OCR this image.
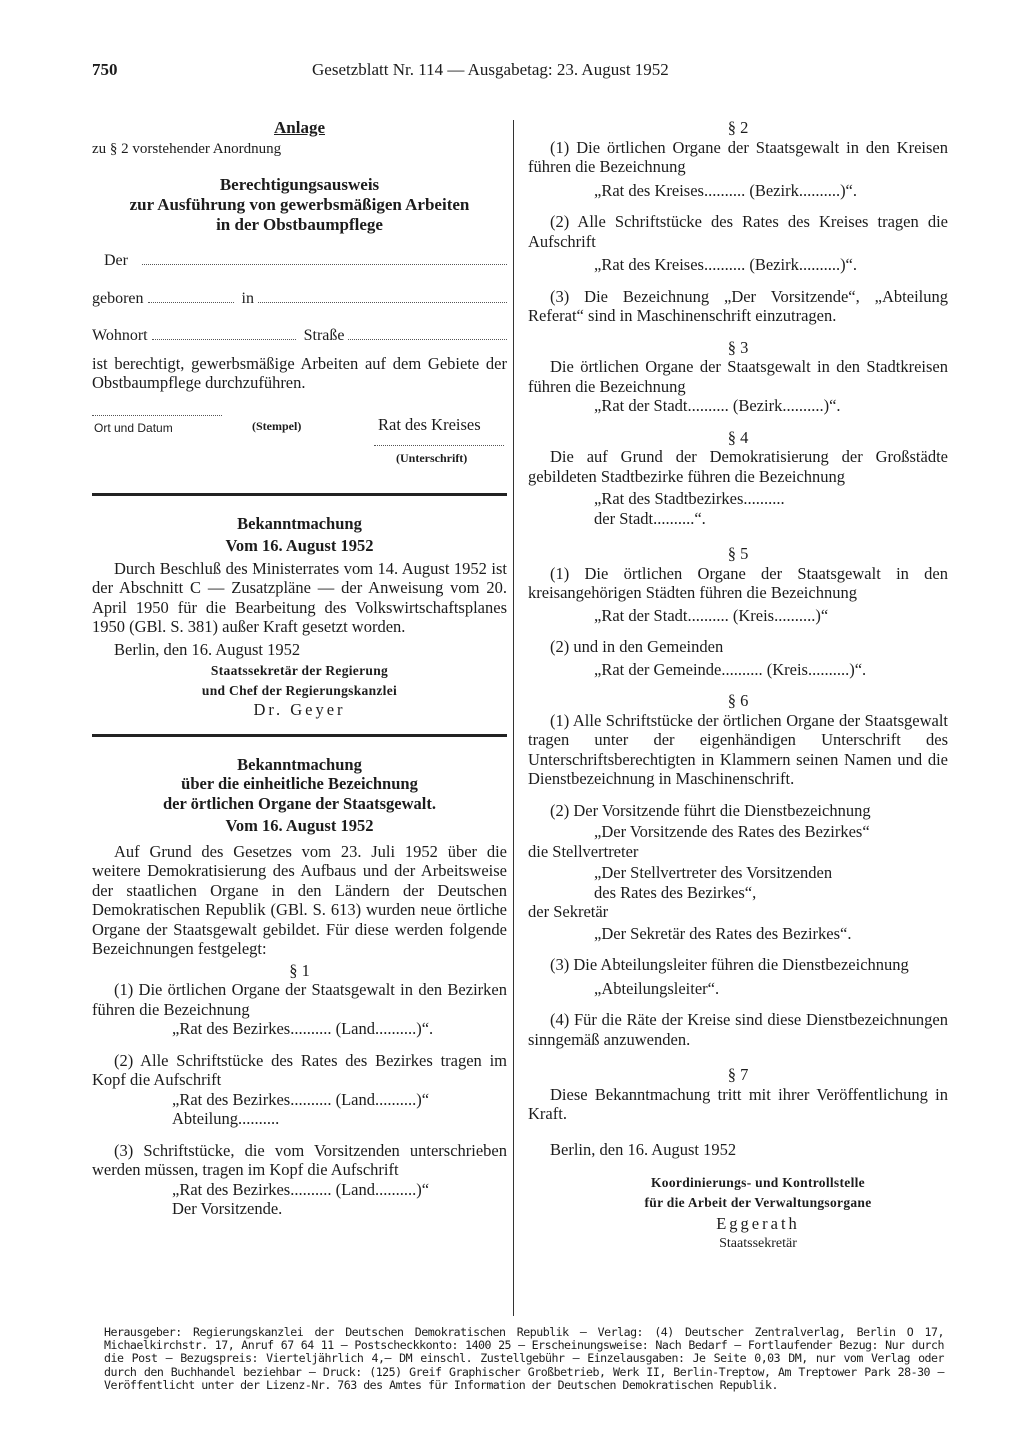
750	Gesetzblatt Nr. 114 — Ausgabetag: 23. August 1952

Anlage

zu § 2 vorstehender Anordnung

Berechtigungsausweis
zur Ausführung von gewerbsmäßigen Arbeiten
in der Obstbaumpflege
Der
geboren	in
Wohnort	Straße

ist berechtigt, gewerbsmäßige Arbeiten auf dem Gebiete der Obstbaumpflege durchzuführen.

Ort und Datum	(Stempel)	Rat des Kreises
(Unterschrift)

Bekanntmachung

Vom 16. August 1952

Durch Beschluß des Ministerrates vom 14. August 1952 ist der Abschnitt C — Zusatzpläne — der Anweisung vom 20. April 1950 für die Bearbeitung des Volkswirtschaftsplanes 1950 (GBl. S. 381) außer Kraft gesetzt worden.

Berlin, den 16. August 1952

Staatssekretär der Regierung

und Chef der Regierungskanzlei

Dr. Geyer

Bekanntmachung

über die einheitliche Bezeichnung

der örtlichen Organe der Staatsgewalt.

Vom 16. August 1952

Auf Grund des Gesetzes vom 23. Juli 1952 über die weitere Demokratisierung des Aufbaus und der Arbeitsweise der staatlichen Organe in den Ländern der Deutschen Demokratischen Republik (GBl. S. 613) wurden neue örtliche Organe der Staatsgewalt gebildet. Für diese werden folgende Bezeichnungen festgelegt:

§ 1

(1) Die örtlichen Organe der Staatsgewalt in den Bezirken führen die Bezeichnung

„Rat des Bezirkes.......... (Land..........)“.

(2) Alle Schriftstücke des Rates des Bezirkes tragen im Kopf die Aufschrift

„Rat des Bezirkes.......... (Land..........)“

Abteilung..........

(3) Schriftstücke, die vom Vorsitzenden unterschrieben werden müssen, tragen im Kopf die Aufschrift

„Rat des Bezirkes.......... (Land..........)“

Der Vorsitzende.

§ 2

(1) Die örtlichen Organe der Staatsgewalt in den Kreisen führen die Bezeichnung

„Rat des Kreises.......... (Bezirk..........)“.

(2) Alle Schriftstücke des Rates des Kreises tragen die Aufschrift

„Rat des Kreises.......... (Bezirk..........)“.

(3) Die Bezeichnung „Der Vorsitzende“, „Abteilung Referat“ sind in Maschinenschrift einzutragen.

§ 3

Die örtlichen Organe der Staatsgewalt in den Stadtkreisen führen die Bezeichnung

„Rat der Stadt.......... (Bezirk..........)“.

§ 4

Die auf Grund der Demokratisierung der Großstädte gebildeten Stadtbezirke führen die Bezeichnung

„Rat des Stadtbezirkes..........

der Stadt..........“.

§ 5

(1) Die örtlichen Organe der Staatsgewalt in den kreisangehörigen Städten führen die Bezeichnung

„Rat der Stadt.......... (Kreis..........)“

(2) und in den Gemeinden

„Rat der Gemeinde.......... (Kreis..........)“.

§ 6

(1) Alle Schriftstücke der örtlichen Organe der Staatsgewalt tragen unter der eigenhändigen Unterschrift des Unterschriftsberechtigten in Klammern seinen Namen und die Dienstbezeichnung in Maschinenschrift.

(2) Der Vorsitzende führt die Dienstbezeichnung

„Der Vorsitzende des Rates des Bezirkes“

die Stellvertreter

„Der Stellvertreter des Vorsitzenden

des Rates des Bezirkes“,

der Sekretär

„Der Sekretär des Rates des Bezirkes“.

(3) Die Abteilungsleiter führen die Dienstbezeichnung

„Abteilungsleiter“.

(4) Für die Räte der Kreise sind diese Dienstbezeichnungen sinngemäß anzuwenden.

§ 7

Diese Bekanntmachung tritt mit ihrer Veröffentlichung in Kraft.

Berlin, den 16. August 1952

Koordinierungs- und Kontrollstelle

für die Arbeit der Verwaltungsorgane

Eggerath

Staatssekretär

Herausgeber: Regierungskanzlei der Deutschen Demokratischen Republik — Verlag: (4) Deutscher Zentralverlag, Berlin O 17, Michaelkirchstr. 17, Anruf 67 64 11 — Postscheckkonto: 1400 25 — Erscheinungsweise: Nach Bedarf — Fortlaufender Bezug: Nur durch die Post — Bezugspreis: Vierteljährlich 4,— DM einschl. Zustellgebühr — Einzelausgaben: Je Seite 0,03 DM, nur vom Verlag oder durch den Buchhandel beziehbar — Druck: (125) Greif Graphischer Großbetrieb, Werk II, Berlin-Treptow, Am Treptower Park 28-30 — Veröffentlicht unter der Lizenz-Nr. 763 des Amtes für Information der Deutschen Demokratischen Republik.
